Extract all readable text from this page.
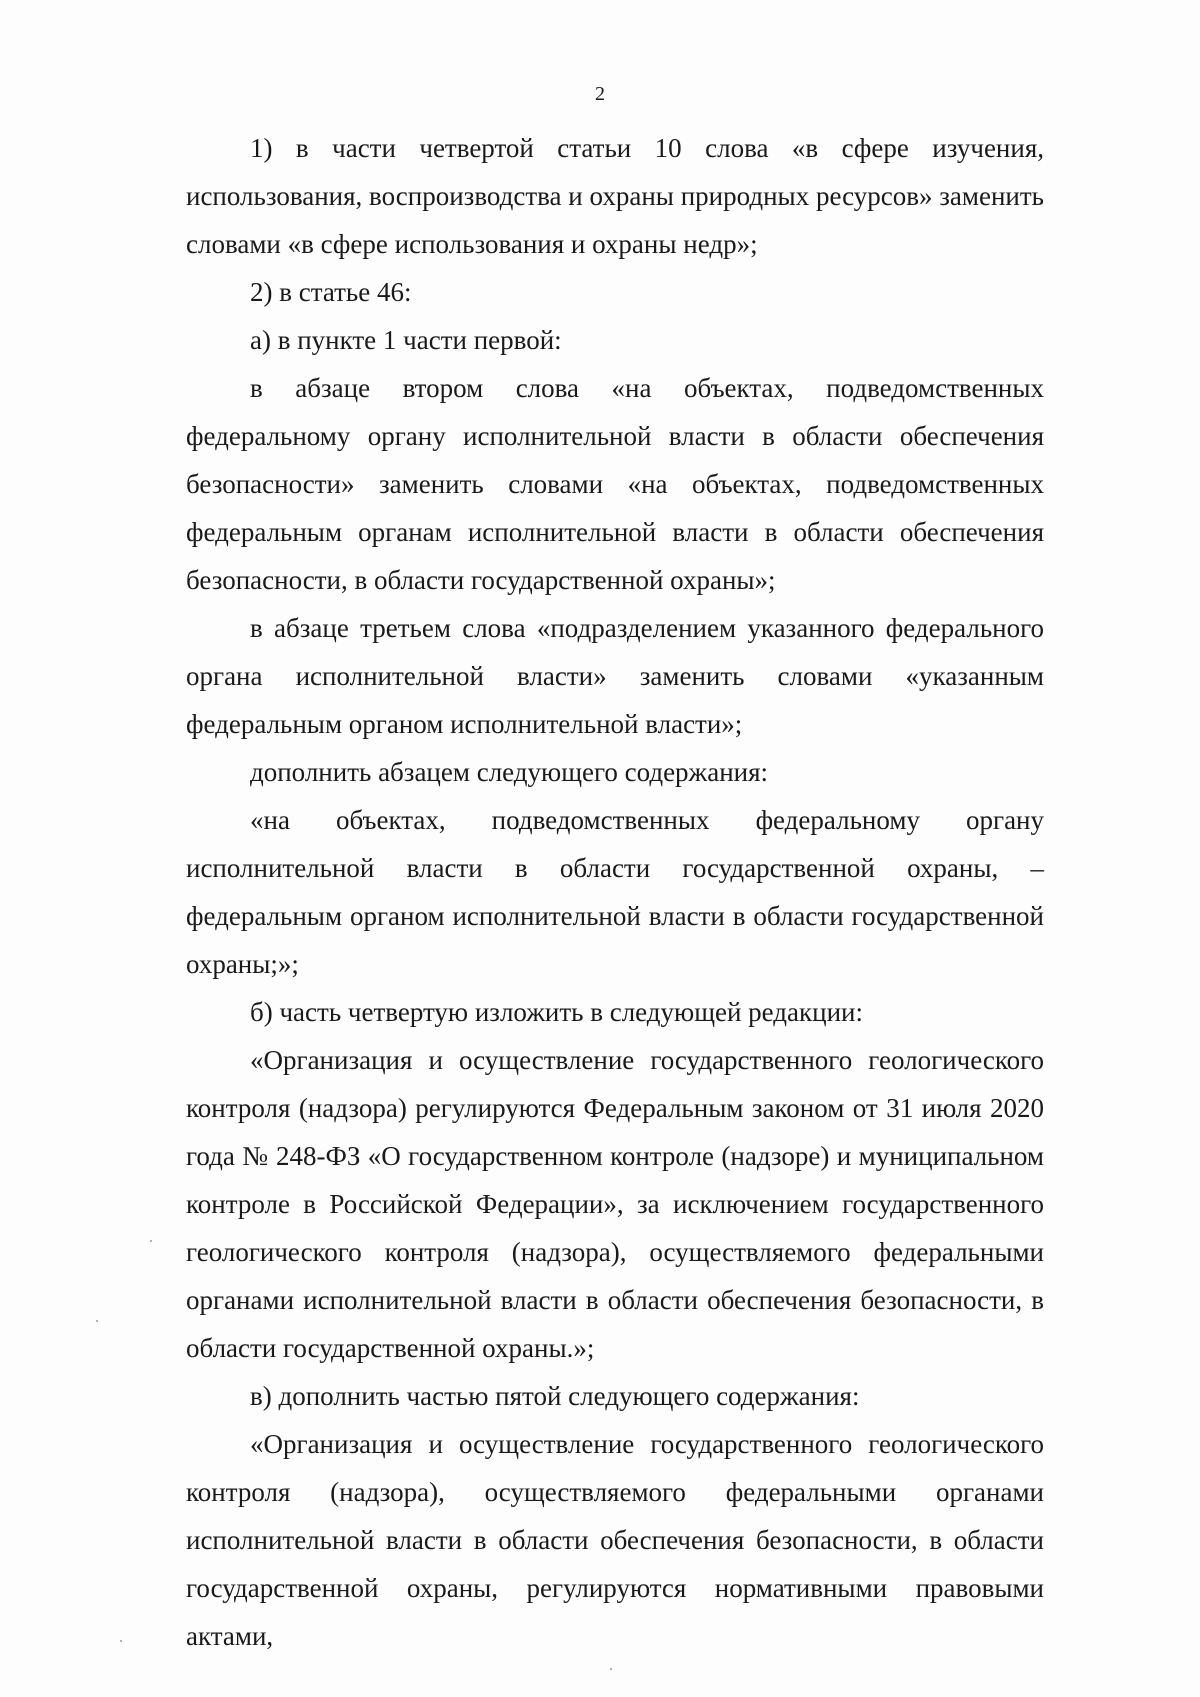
2

1) в части четвертой статьи 10 слова «в сфере изучения, использования, воспроизводства и охраны природных ресурсов» заменить словами «в сфере использования и охраны недр»;

2) в статье 46:

а) в пункте 1 части первой:

в абзаце втором слова «на объектах, подведомственных федеральному органу исполнительной власти в области обеспечения безопасности» заменить словами «на объектах, подведомственных федеральным органам исполнительной власти в области обеспечения безопасности, в области государственной охраны»;

в абзаце третьем слова «подразделением указанного федерального органа исполнительной власти» заменить словами «указанным федеральным органом исполнительной власти»;

дополнить абзацем следующего содержания:

«на объектах, подведомственных федеральному органу исполнительной власти в области государственной охраны, – федеральным органом исполнительной власти в области государственной охраны;»;

б) часть четвертую изложить в следующей редакции:

«Организация и осуществление государственного геологического контроля (надзора) регулируются Федеральным законом от 31 июля 2020 года № 248-ФЗ «О государственном контроле (надзоре) и муниципальном контроле в Российской Федерации», за исключением государственного геологического контроля (надзора), осуществляемого федеральными органами исполнительной власти в области обеспечения безопасности, в области государственной охраны.»;

в) дополнить частью пятой следующего содержания:

«Организация и осуществление государственного геологического контроля (надзора), осуществляемого федеральными органами исполнительной власти в области обеспечения безопасности, в области государственной охраны, регулируются нормативными правовыми актами,
